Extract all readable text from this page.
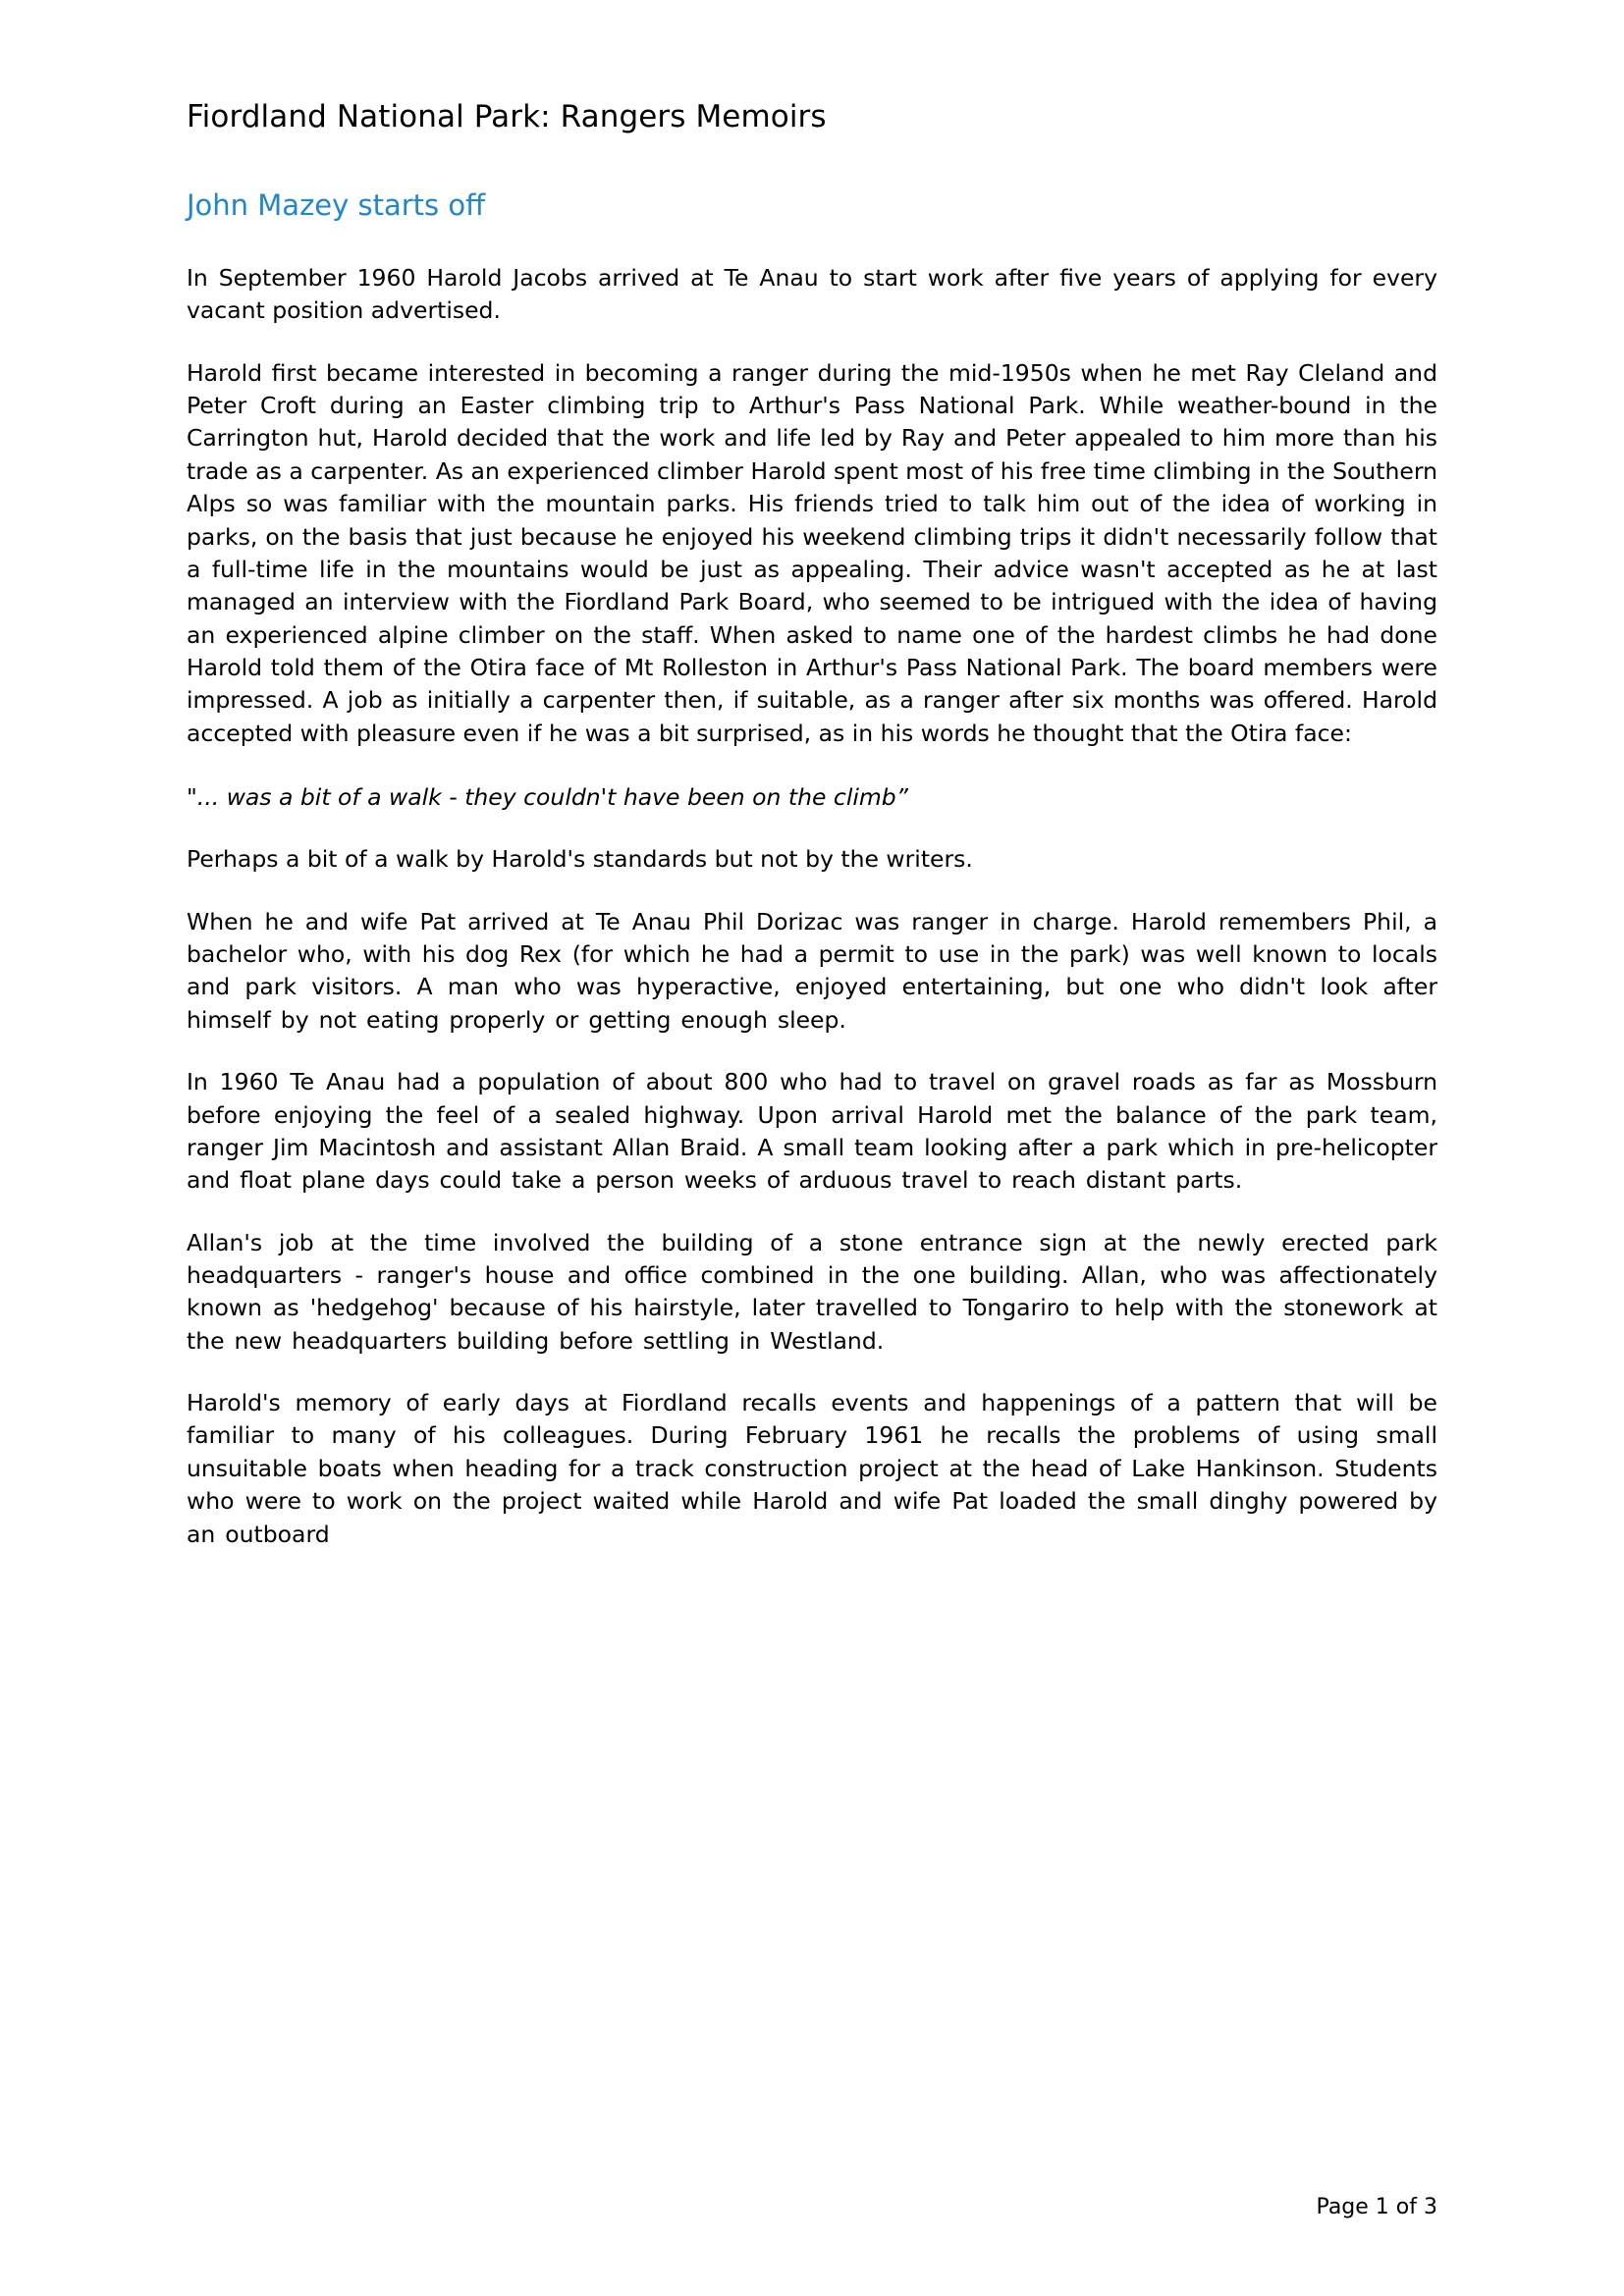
Fiordland National Park: Rangers Memoirs
John Mazey starts off

In September 1960 Harold Jacobs arrived at Te Anau to start work after five years of applying for every vacant position advertised.

Harold first became interested in becoming a ranger during the mid-1950s when he met Ray Cleland and Peter Croft during an Easter climbing trip to Arthur's Pass National Park. While weather-bound in the Carrington hut, Harold decided that the work and life led by Ray and Peter appealed to him more than his trade as a carpenter. As an experienced climber Harold spent most of his free time climbing in the Southern Alps so was familiar with the mountain parks. His friends tried to talk him out of the idea of working in parks, on the basis that just because he enjoyed his weekend climbing trips it didn't necessarily follow that a full-time life in the mountains would be just as appealing. Their advice wasn't accepted as he at last managed an interview with the Fiordland Park Board, who seemed to be intrigued with the idea of having an experienced alpine climber on the staff. When asked to name one of the hardest climbs he had done Harold told them of the Otira face of Mt Rolleston in Arthur's Pass National Park. The board members were impressed. A job as initially a carpenter then, if suitable, as a ranger after six months was offered. Harold accepted with pleasure even if he was a bit surprised, as in his words he thought that the Otira face:

"... was a bit of a walk - they couldn't have been on the climb”

Perhaps a bit of a walk by Harold's standards but not by the writers.

When he and wife Pat arrived at Te Anau Phil Dorizac was ranger in charge. Harold remembers Phil, a bachelor who, with his dog Rex (for which he had a permit to use in the park) was well known to locals and park visitors. A man who was hyperactive, enjoyed entertaining, but one who didn't look after himself by not eating properly or getting enough sleep.

In 1960 Te Anau had a population of about 800 who had to travel on gravel roads as far as Mossburn before enjoying the feel of a sealed highway. Upon arrival Harold met the balance of the park team, ranger Jim Macintosh and assistant Allan Braid. A small team looking after a park which in pre-helicopter and float plane days could take a person weeks of arduous travel to reach distant parts.

Allan's job at the time involved the building of a stone entrance sign at the newly erected park headquarters - ranger's house and office combined in the one building. Allan, who was affectionately known as 'hedgehog' because of his hairstyle, later travelled to Tongariro to help with the stonework at the new headquarters building before settling in Westland.

Harold's memory of early days at Fiordland recalls events and happenings of a pattern that will be familiar to many of his colleagues. During February 1961 he recalls the problems of using small unsuitable boats when heading for a track construction project at the head of Lake Hankinson. Students who were to work on the project waited while Harold and wife Pat loaded the small dinghy powered by an outboard

Page 1 of 3
